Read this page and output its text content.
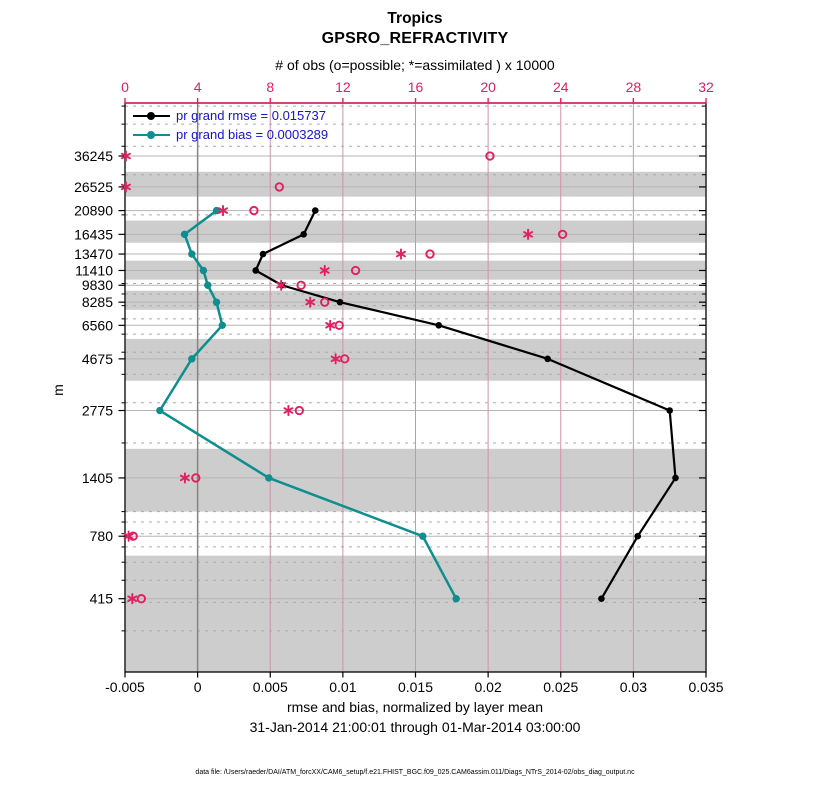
-0.005	0	0.005	0.01	0.015	0.02	0.025	0.03	0.035
0	4	8	12	16	20	24	28	32
36245
26525
20890
16435
13470
11410
9830
8285
6560
4675
2775
1405
780
415
Tropics
GPSRO_REFRACTIVITY
# of obs (o=possible; *=assimilated ) x 10000
rmse and bias, normalized by layer mean
31-Jan-2014 21:00:01 through 01-Mar-2014 03:00:00
data file: /Users/raeder/DAI/ATM_forcXX/CAM6_setup/f.e21.FHIST_BGC.f09_025.CAM6assim.011/Diags_NTrS_2014-02/obs_diag_output.nc
m
pr grand rmse = 0.015737
pr grand bias = 0.0003289
